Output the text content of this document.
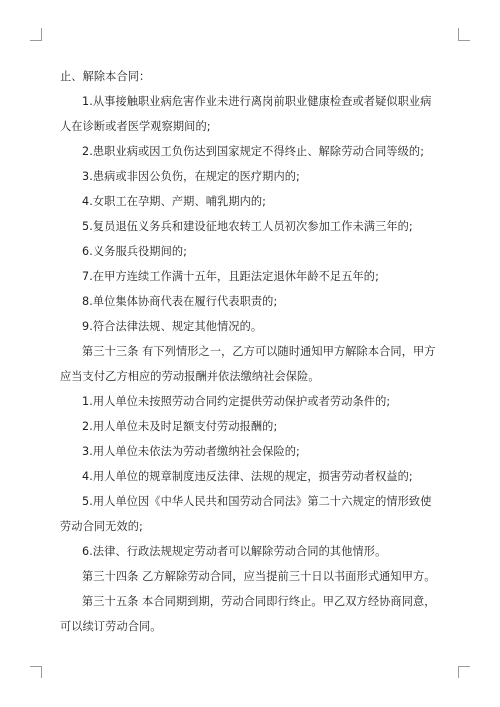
止、解除本合同：

1.从事接触职业病危害作业未进行离岗前职业健康检查或者疑似职业病人在诊断或者医学观察期间的;

2.患职业病或因工负伤达到国家规定不得终止、解除劳动合同等级的;

3.患病或非因公负伤，在规定的医疗期内的;

4.女职工在孕期、产期、哺乳期内的;

5.复员退伍义务兵和建设征地农转工人员初次参加工作未满三年的;

6.义务服兵役期间的;

7.在甲方连续工作满十五年，且距法定退休年龄不足五年的;

8.单位集体协商代表在履行代表职责的;

9.符合法律法规、规定其他情况的。

第三十三条 有下列情形之一，乙方可以随时通知甲方解除本合同，甲方应当支付乙方相应的劳动报酬并依法缴纳社会保险。

1.用人单位未按照劳动合同约定提供劳动保护或者劳动条件的;

2.用人单位未及时足额支付劳动报酬的;

3.用人单位未依法为劳动者缴纳社会保险的;

4.用人单位的规章制度违反法律、法规的规定，损害劳动者权益的;

5.用人单位因《中华人民共和国劳动合同法》第二十六规定的情形致使劳动合同无效的;

6.法律、行政法规规定劳动者可以解除劳动合同的其他情形。

第三十四条 乙方解除劳动合同，应当提前三十日以书面形式通知甲方。

第三十五条 本合同期到期，劳动合同即行终止。甲乙双方经协商同意，可以续订劳动合同。
